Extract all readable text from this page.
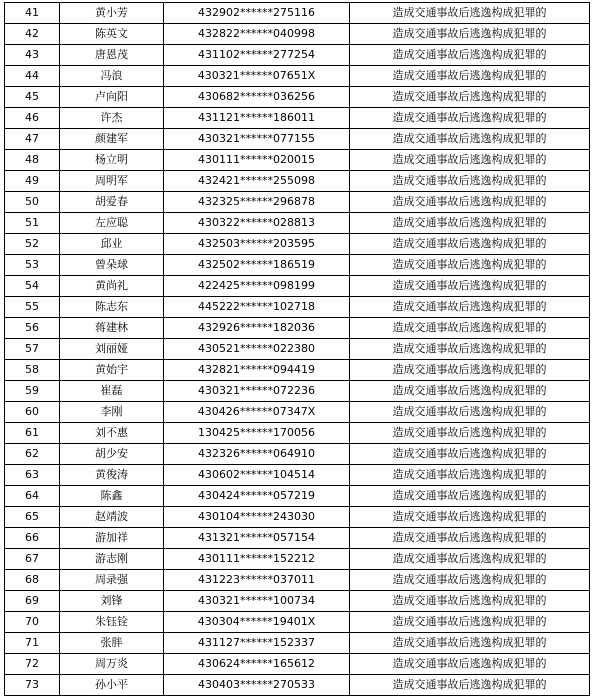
41	黄小芳	432902******275116	造成交通事故后逃逸构成犯罪的
42	陈英文	432822******040998	造成交通事故后逃逸构成犯罪的
43	唐恩茂	431102******277254	造成交通事故后逃逸构成犯罪的
44	冯浪	430321******07651X	造成交通事故后逃逸构成犯罪的
45	卢向阳	430682******036256	造成交通事故后逃逸构成犯罪的
46	许杰	431121******186011	造成交通事故后逃逸构成犯罪的
47	颜建军	430321******077155	造成交通事故后逃逸构成犯罪的
48	杨立明	430111******020015	造成交通事故后逃逸构成犯罪的
49	周明军	432421******255098	造成交通事故后逃逸构成犯罪的
50	胡爱春	432325******296878	造成交通事故后逃逸构成犯罪的
51	左应聪	430322******028813	造成交通事故后逃逸构成犯罪的
52	邱业	432503******203595	造成交通事故后逃逸构成犯罪的
53	曾朵球	432502******186519	造成交通事故后逃逸构成犯罪的
54	黄尚礼	422425******098199	造成交通事故后逃逸构成犯罪的
55	陈志东	445222******102718	造成交通事故后逃逸构成犯罪的
56	蒋建林	432926******182036	造成交通事故后逃逸构成犯罪的
57	刘丽娅	430521******022380	造成交通事故后逃逸构成犯罪的
58	黄始宇	432821******094419	造成交通事故后逃逸构成犯罪的
59	崔磊	430321******072236	造成交通事故后逃逸构成犯罪的
60	李刚	430426******07347X	造成交通事故后逃逸构成犯罪的
61	刘不惠	130425******170056	造成交通事故后逃逸构成犯罪的
62	胡少安	432326******064910	造成交通事故后逃逸构成犯罪的
63	黄俊涛	430602******104514	造成交通事故后逃逸构成犯罪的
64	陈鑫	430424******057219	造成交通事故后逃逸构成犯罪的
65	赵靖波	430104******243030	造成交通事故后逃逸构成犯罪的
66	游加祥	431321******057154	造成交通事故后逃逸构成犯罪的
67	游志刚	430111******152212	造成交通事故后逃逸构成犯罪的
68	周录强	431223******037011	造成交通事故后逃逸构成犯罪的
69	刘锋	430321******100734	造成交通事故后逃逸构成犯罪的
70	朱钰铨	430304******19401X	造成交通事故后逃逸构成犯罪的
71	张胖	431127******152337	造成交通事故后逃逸构成犯罪的
72	周万炎	430624******165612	造成交通事故后逃逸构成犯罪的
73	孙小平	430403******270533	造成交通事故后逃逸构成犯罪的
